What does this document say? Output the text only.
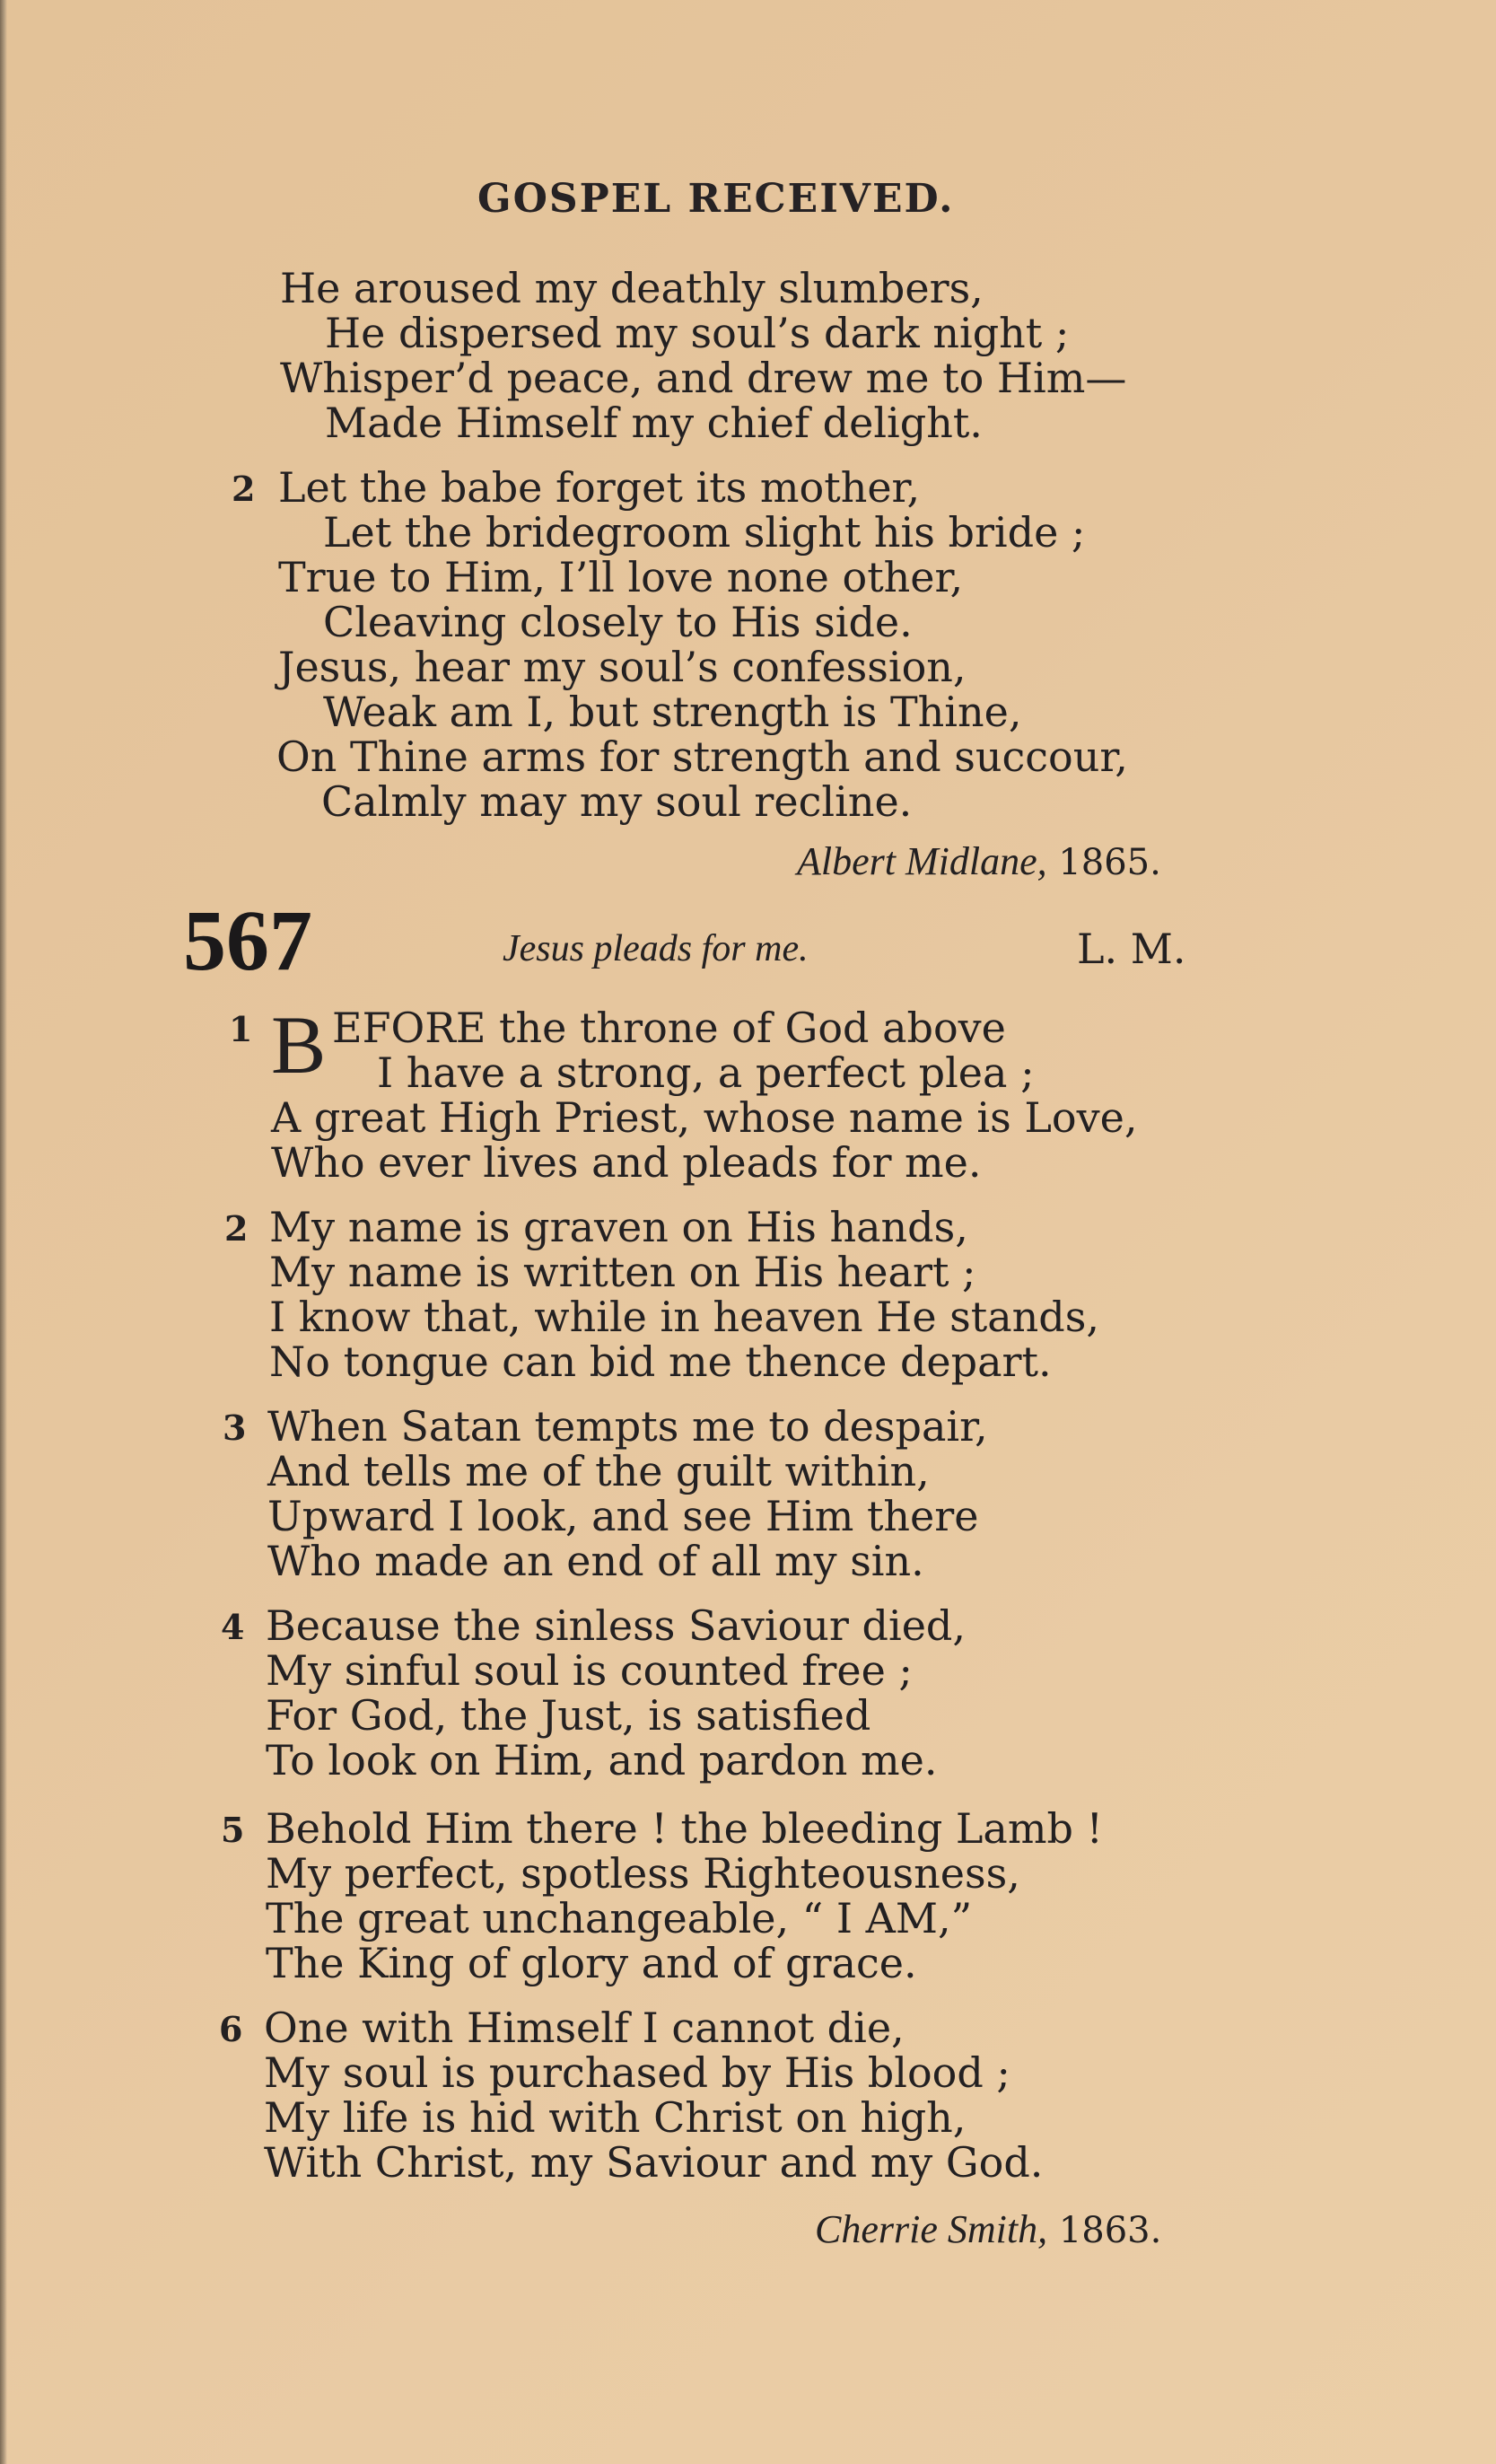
GOSPEL RECEIVED.
He aroused my deathly slumbers,
He dispersed my soul’s dark night ;
Whisper’d peace, and drew me to Him—
Made Himself my chief delight.
2 Let the babe forget its mother,
Let the bridegroom slight his bride ;
True to Him, I’ll love none other,
Cleaving closely to His side.
Jesus, hear my soul’s confession,
Weak am I, but strength is Thine,
On Thine arms for strength and succour,
Calmly may my soul recline.
Albert Midlane, 1865.
567	Jesus pleads for me.	L. M.
1 B EFORE the throne of God above
I have a strong, a perfect plea ;
A great High Priest, whose name is Love,
Who ever lives and pleads for me.
2 My name is graven on His hands,
My name is written on His heart ;
I know that, while in heaven He stands,
No tongue can bid me thence depart.
3 When Satan tempts me to despair,
And tells me of the guilt within,
Upward I look, and see Him there
Who made an end of all my sin.
4 Because the sinless Saviour died,
My sinful soul is counted free ;
For God, the Just, is satisfied
To look on Him, and pardon me.
5 Behold Him there ! the bleeding Lamb !
My perfect, spotless Righteousness,
The great unchangeable, “ I AM,”
The King of glory and of grace.
6 One with Himself I cannot die,
My soul is purchased by His blood ;
My life is hid with Christ on high,
With Christ, my Saviour and my God.
Cherrie Smith, 1863.
